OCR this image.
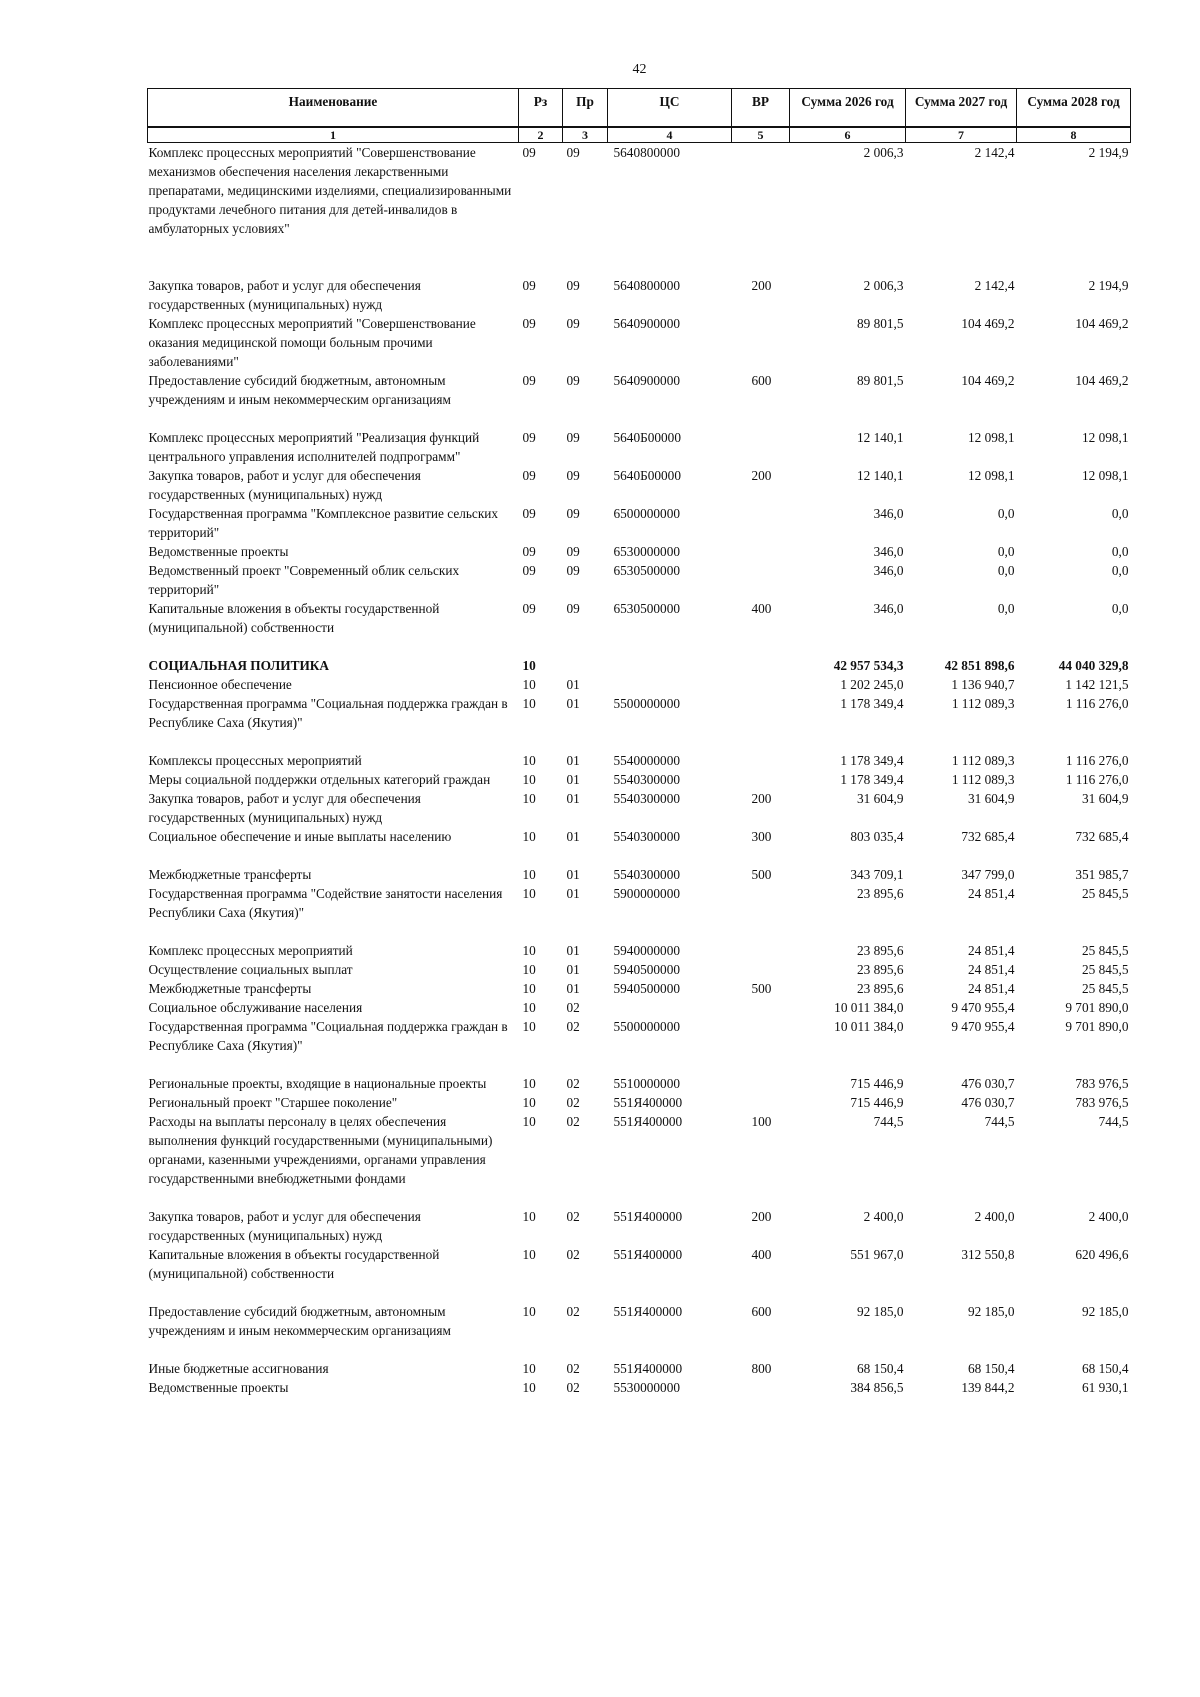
42
Наименование	Рз	Пр	ЦС	ВР	Сумма 2026 год	Сумма 2027 год	Сумма 2028 год
1	2	3	4	5	6	7	8
Комплекс процессных мероприятий "Совершенствование механизмов обеспечения населения лекарственными препаратами, медицинскими изделиями, специализированными продуктами лечебного питания для детей-инвалидов в амбулаторных условиях"	09	09	5640800000		2 006,3	2 142,4	2 194,9
Закупка товаров, работ и услуг для обеспечения государственных (муниципальных) нужд	09	09	5640800000	200	2 006,3	2 142,4	2 194,9
Комплекс процессных мероприятий "Совершенствование оказания медицинской помощи больным прочими заболеваниями"	09	09	5640900000		89 801,5	104 469,2	104 469,2
Предоставление субсидий бюджетным, автономным учреждениям и иным некоммерческим организациям	09	09	5640900000	600	89 801,5	104 469,2	104 469,2
Комплекс процессных мероприятий "Реализация функций центрального управления исполнителей подпрограмм"	09	09	5640Б00000		12 140,1	12 098,1	12 098,1
Закупка товаров, работ и услуг для обеспечения государственных (муниципальных) нужд	09	09	5640Б00000	200	12 140,1	12 098,1	12 098,1
Государственная программа "Комплексное развитие сельских территорий"	09	09	6500000000		346,0	0,0	0,0
Ведомственные проекты	09	09	6530000000		346,0	0,0	0,0
Ведомственный проект "Современный облик сельских территорий"	09	09	6530500000		346,0	0,0	0,0
Капитальные вложения в объекты государственной (муниципальной) собственности	09	09	6530500000	400	346,0	0,0	0,0
СОЦИАЛЬНАЯ ПОЛИТИКА	10				42 957 534,3	42 851 898,6	44 040 329,8
Пенсионное обеспечение	10	01			1 202 245,0	1 136 940,7	1 142 121,5
Государственная программа "Социальная поддержка граждан в Республике Саха (Якутия)"	10	01	5500000000		1 178 349,4	1 112 089,3	1 116 276,0
Комплексы процессных мероприятий	10	01	5540000000		1 178 349,4	1 112 089,3	1 116 276,0
Меры социальной поддержки отдельных категорий граждан	10	01	5540300000		1 178 349,4	1 112 089,3	1 116 276,0
Закупка товаров, работ и услуг для обеспечения государственных (муниципальных) нужд	10	01	5540300000	200	31 604,9	31 604,9	31 604,9
Социальное обеспечение и иные выплаты населению	10	01	5540300000	300	803 035,4	732 685,4	732 685,4
Межбюджетные трансферты	10	01	5540300000	500	343 709,1	347 799,0	351 985,7
Государственная программа "Содействие занятости населения Республики Саха (Якутия)"	10	01	5900000000		23 895,6	24 851,4	25 845,5
Комплекс процессных мероприятий	10	01	5940000000		23 895,6	24 851,4	25 845,5
Осуществление социальных выплат	10	01	5940500000		23 895,6	24 851,4	25 845,5
Межбюджетные трансферты	10	01	5940500000	500	23 895,6	24 851,4	25 845,5
Социальное обслуживание населения	10	02			10 011 384,0	9 470 955,4	9 701 890,0
Государственная программа "Социальная поддержка граждан в Республике Саха (Якутия)"	10	02	5500000000		10 011 384,0	9 470 955,4	9 701 890,0
Региональные проекты, входящие в национальные проекты	10	02	5510000000		715 446,9	476 030,7	783 976,5
Региональный проект "Старшее поколение"	10	02	551Я400000		715 446,9	476 030,7	783 976,5
Расходы на выплаты персоналу в целях обеспечения выполнения функций государственными (муниципальными) органами, казенными учреждениями, органами управления государственными внебюджетными фондами	10	02	551Я400000	100	744,5	744,5	744,5
Закупка товаров, работ и услуг для обеспечения государственных (муниципальных) нужд	10	02	551Я400000	200	2 400,0	2 400,0	2 400,0
Капитальные вложения в объекты государственной (муниципальной) собственности	10	02	551Я400000	400	551 967,0	312 550,8	620 496,6
Предоставление субсидий бюджетным, автономным учреждениям и иным некоммерческим организациям	10	02	551Я400000	600	92 185,0	92 185,0	92 185,0
Иные бюджетные ассигнования	10	02	551Я400000	800	68 150,4	68 150,4	68 150,4
Ведомственные проекты	10	02	5530000000		384 856,5	139 844,2	61 930,1
